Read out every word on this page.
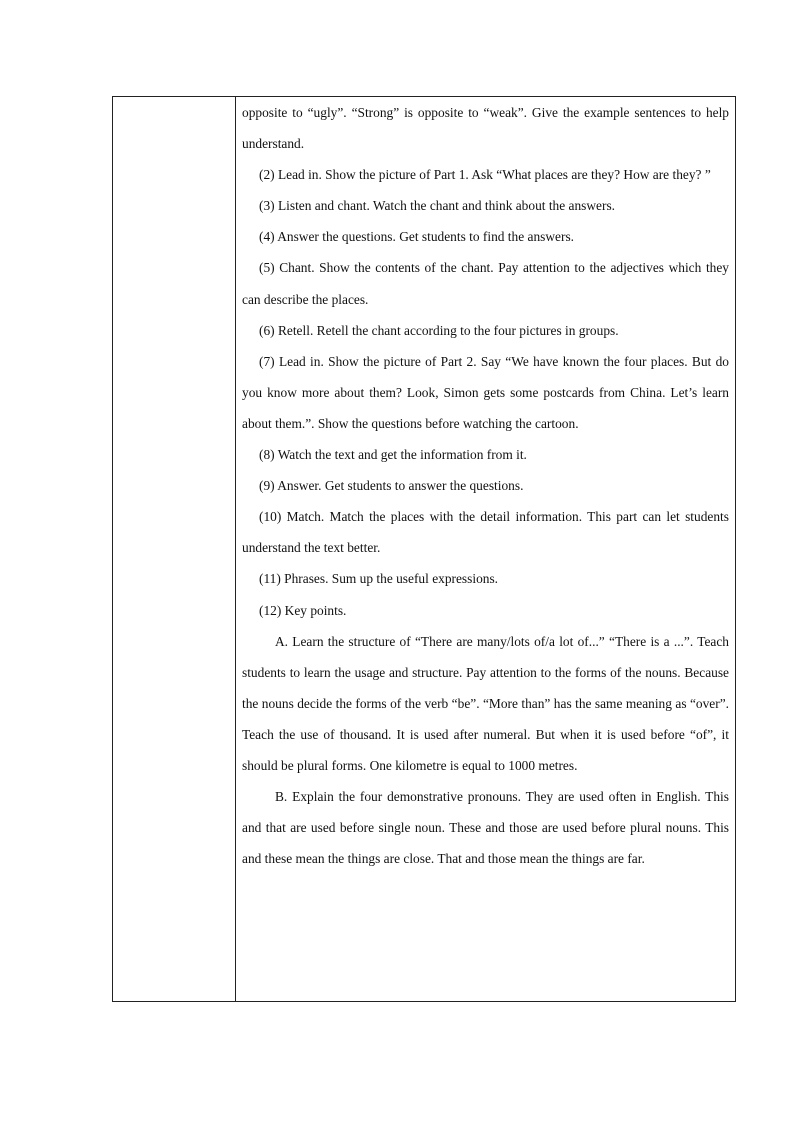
opposite to “ugly”. “Strong” is opposite to “weak”. Give the example sentences to help understand.

(2) Lead in. Show the picture of Part 1. Ask “What places are they? How are they? ”

(3) Listen and chant. Watch the chant and think about the answers.

(4) Answer the questions. Get students to find the answers.

(5) Chant. Show the contents of the chant. Pay attention to the adjectives which they can describe the places.

(6) Retell. Retell the chant according to the four pictures in groups.

(7) Lead in. Show the picture of Part 2. Say “We have known the four places. But do you know more about them? Look, Simon gets some postcards from China. Let’s learn about them.”. Show the questions before watching the cartoon.

(8) Watch the text and get the information from it.

(9) Answer. Get students to answer the questions.

(10) Match. Match the places with the detail information. This part can let students understand the text better.

(11) Phrases. Sum up the useful expressions.

(12) Key points.

A. Learn the structure of “There are many/lots of/a lot of...” “There is a ...”. Teach students to learn the usage and structure. Pay attention to the forms of the nouns. Because the nouns decide the forms of the verb “be”. “More than” has the same meaning as “over”. Teach the use of thousand. It is used after numeral. But when it is used before “of”, it should be plural forms. One kilometre is equal to 1000 metres.

B. Explain the four demonstrative pronouns. They are used often in English. This and that are used before single noun. These and those are used before plural nouns. This and these mean the things are close. That and those mean the things are far.
